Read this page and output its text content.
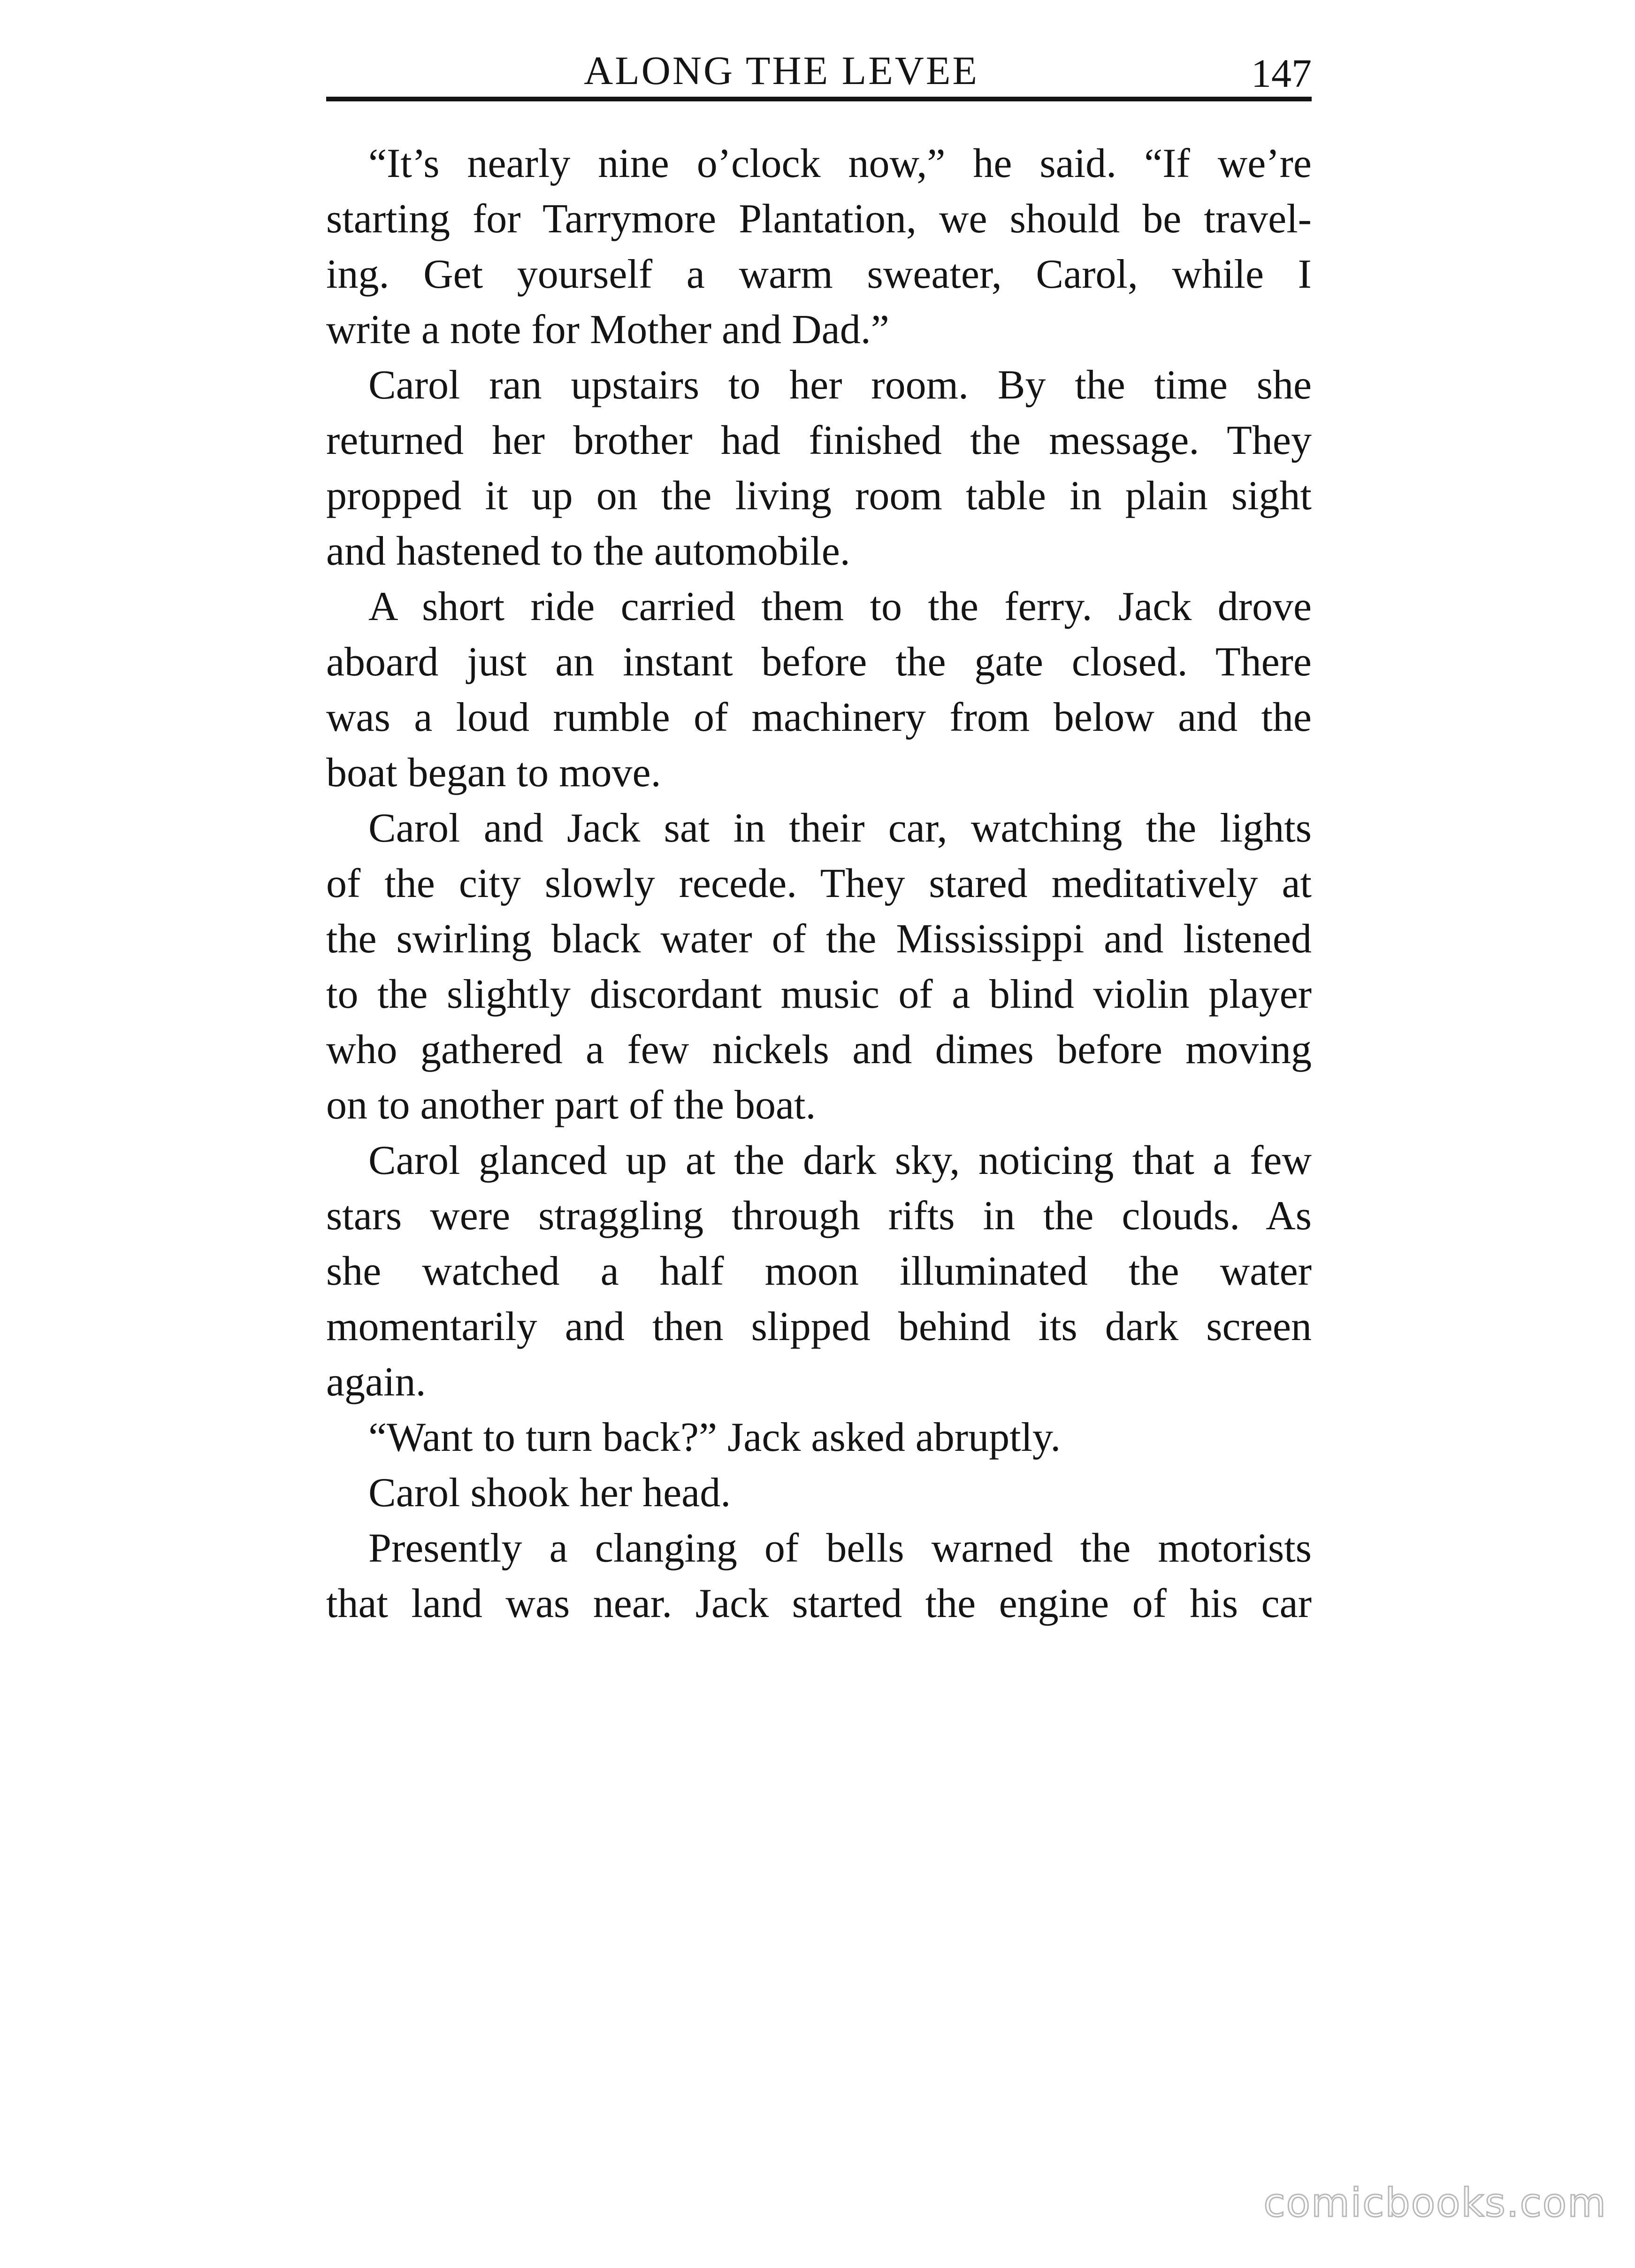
ALONG THE LEVEE	147
“It’s nearly nine o’clock now,” he said. “If we’re
starting for Tarrymore Plantation, we should be travel-
ing. Get yourself a warm sweater, Carol, while I
write a note for Mother and Dad.”
Carol ran upstairs to her room. By the time she
returned her brother had finished the message. They
propped it up on the living room table in plain sight
and hastened to the automobile.
A short ride carried them to the ferry. Jack drove
aboard just an instant before the gate closed. There
was a loud rumble of machinery from below and the
boat began to move.
Carol and Jack sat in their car, watching the lights
of the city slowly recede. They stared meditatively at
the swirling black water of the Mississippi and listened
to the slightly discordant music of a blind violin player
who gathered a few nickels and dimes before moving
on to another part of the boat.
Carol glanced up at the dark sky, noticing that a few
stars were straggling through rifts in the clouds. As
she watched a half moon illuminated the water
momentarily and then slipped behind its dark screen
again.
“Want to turn back?” Jack asked abruptly.
Carol shook her head.
Presently a clanging of bells warned the motorists
that land was near. Jack started the engine of his car
comicbooks.com
